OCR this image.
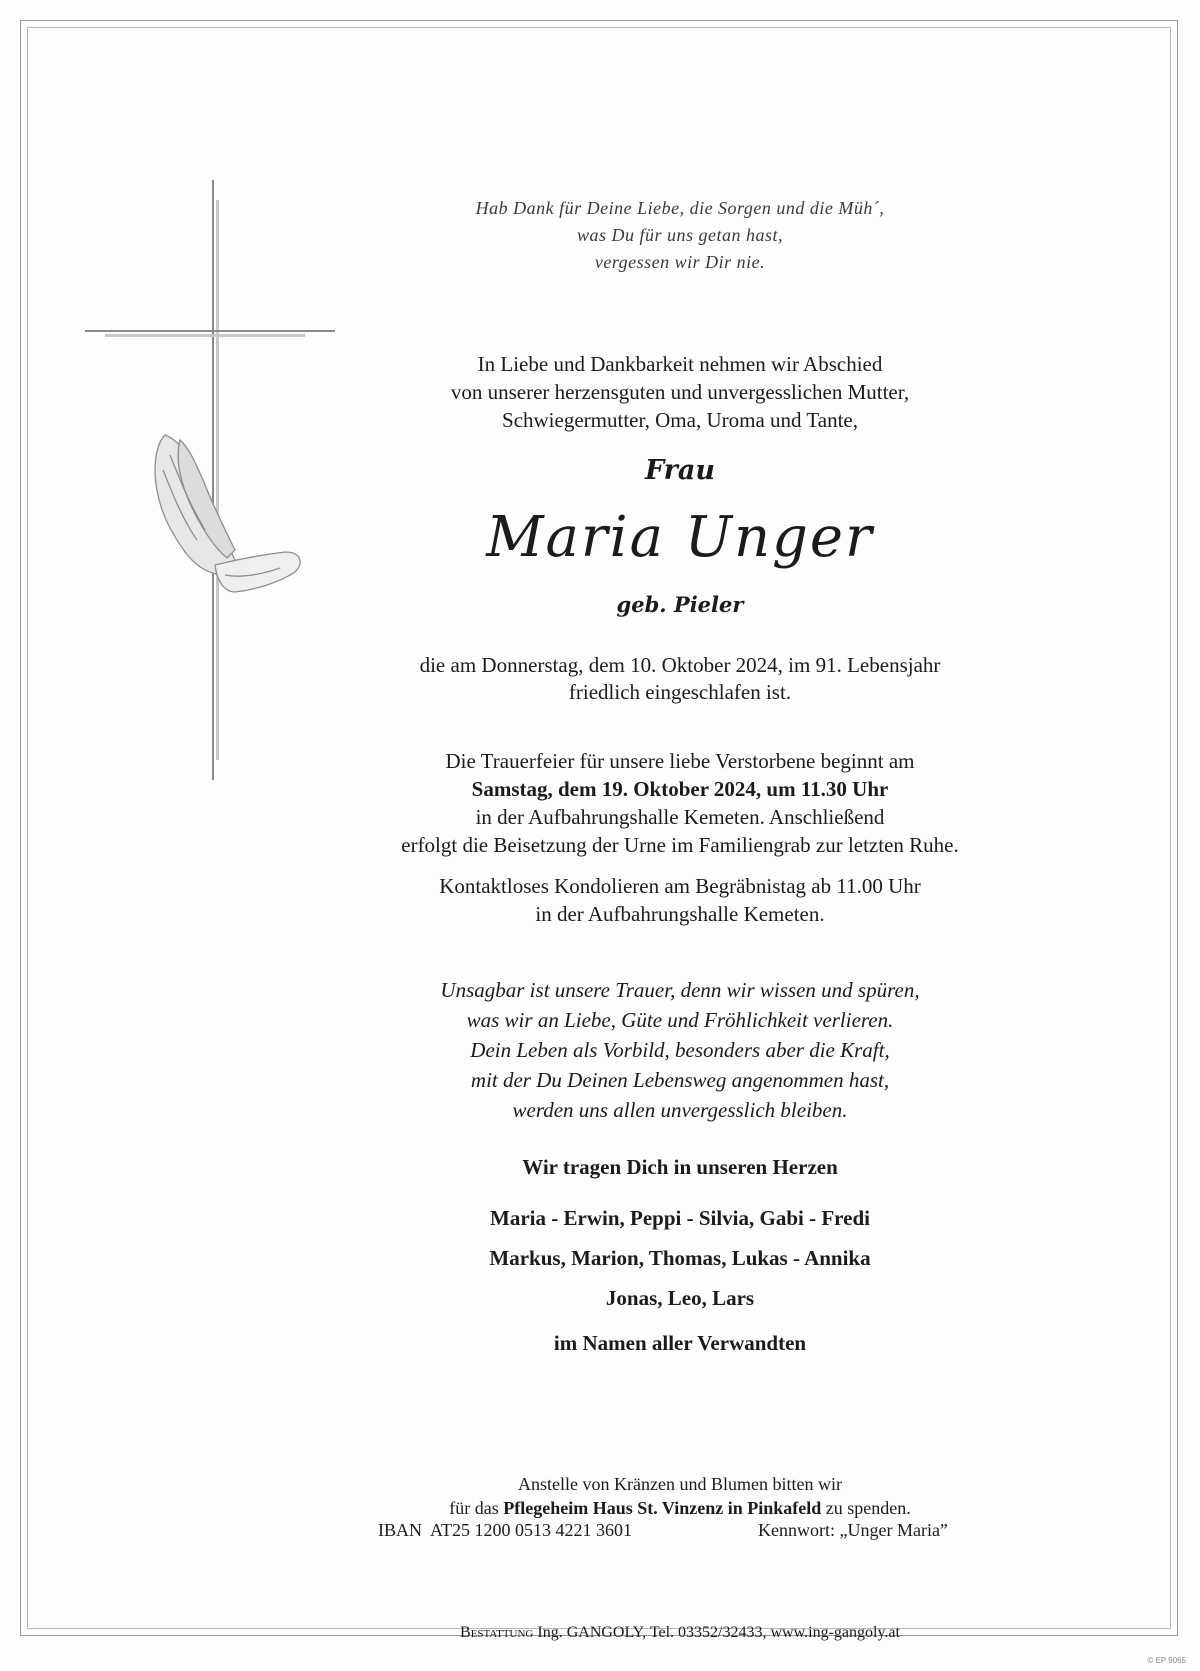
Hab Dank für Deine Liebe, die Sorgen und die Müh´,
was Du für uns getan hast,
vergessen wir Dir nie.
In Liebe und Dankbarkeit nehmen wir Abschied
von unserer herzensguten und unvergesslichen Mutter,
Schwiegermutter, Oma, Uroma und Tante,
Frau
Maria Unger
geb. Pieler
die am Donnerstag, dem 10. Oktober 2024, im 91. Lebensjahr
friedlich eingeschlafen ist.
Die Trauerfeier für unsere liebe Verstorbene beginnt am
Samstag, dem 19. Oktober 2024, um 11.30 Uhr
in der Aufbahrungshalle Kemeten. Anschließend
erfolgt die Beisetzung der Urne im Familiengrab zur letzten Ruhe.
Kontaktloses Kondolieren am Begräbnistag ab 11.00 Uhr
in der Aufbahrungshalle Kemeten.
Unsagbar ist unsere Trauer, denn wir wissen und spüren,
was wir an Liebe, Güte und Fröhlichkeit verlieren.
Dein Leben als Vorbild, besonders aber die Kraft,
mit der Du Deinen Lebensweg angenommen hast,
werden uns allen unvergesslich bleiben.
Wir tragen Dich in unseren Herzen
Maria - Erwin, Peppi - Silvia, Gabi - Fredi
Markus, Marion, Thomas, Lukas - Annika
Jonas, Leo, Lars
im Namen aller Verwandten
Anstelle von Kränzen und Blumen bitten wir
für das Pflegeheim Haus St. Vinzenz in Pinkafeld zu spenden.
IBAN  AT25 1200 0513 4221 3601	Kennwort: „Unger Maria”
Bestattung Ing. GANGOLY, Tel. 03352/32433, www.ing-gangoly.at
© EP 9065
